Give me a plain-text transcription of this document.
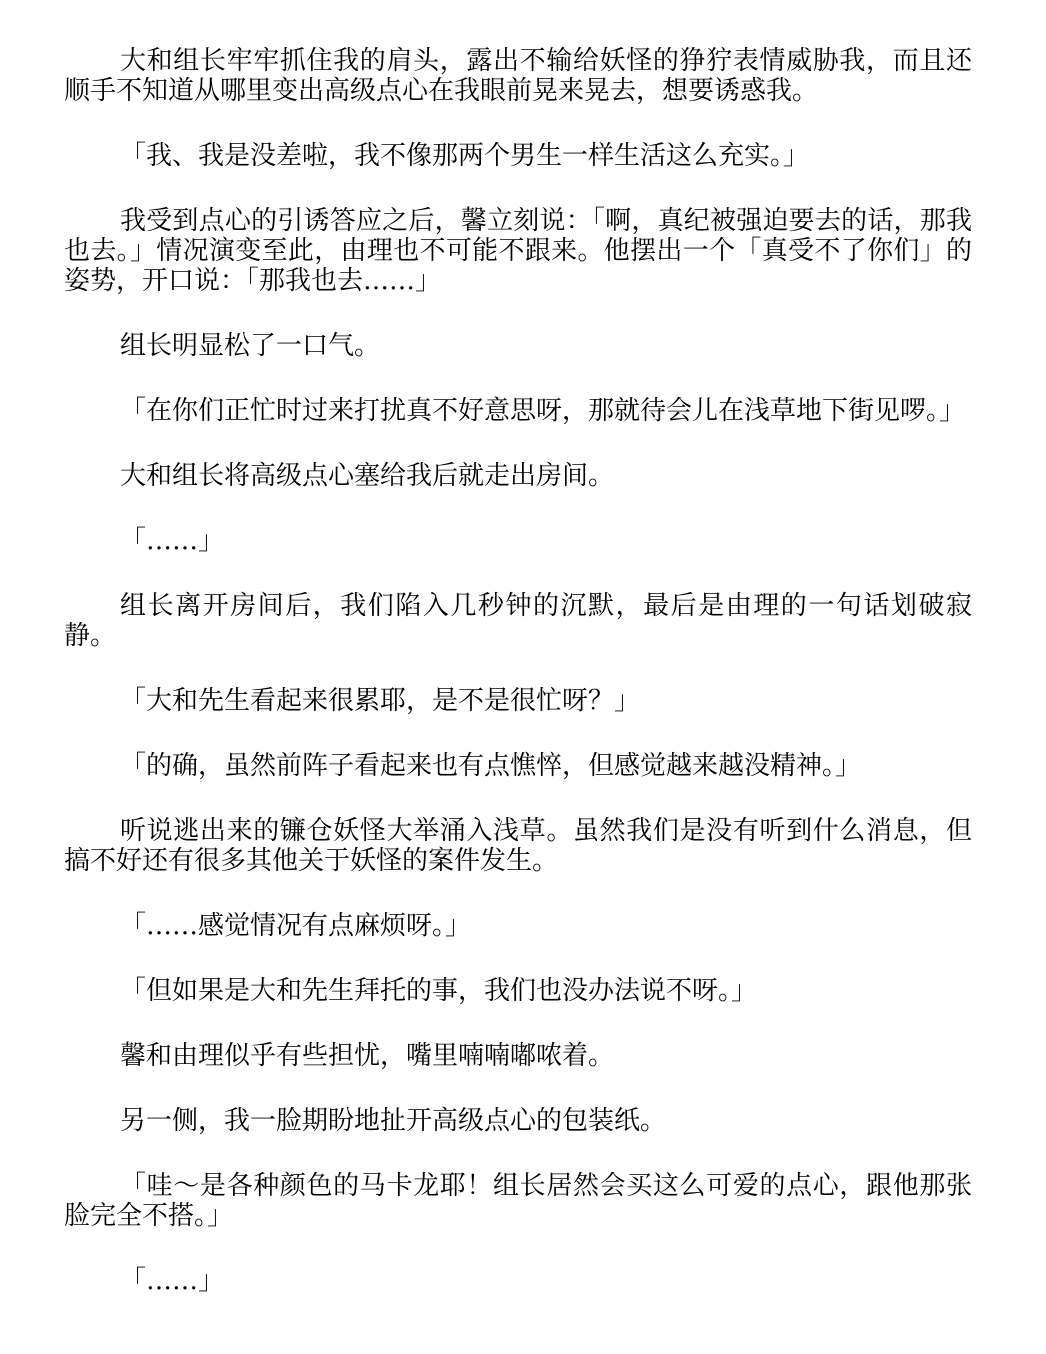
大和组长牢牢抓住我的肩头，露出不输给妖怪的狰狞表情威胁我，而且还顺手不知道从哪里变出高级点心在我眼前晃来晃去，想要诱惑我。

「我、我是没差啦，我不像那两个男生一样生活这么充实。」

我受到点心的引诱答应之后，馨立刻说：「啊，真纪被强迫要去的话，那我也去。」情况演变至此，由理也不可能不跟来。他摆出一个「真受不了你们」的姿势，开口说：「那我也去……」

组长明显松了一口气。

「在你们正忙时过来打扰真不好意思呀，那就待会儿在浅草地下街见啰。」

大和组长将高级点心塞给我后就走出房间。

「……」

组长离开房间后，我们陷入几秒钟的沉默，最后是由理的一句话划破寂静。

「大和先生看起来很累耶，是不是很忙呀？」

「的确，虽然前阵子看起来也有点憔悴，但感觉越来越没精神。」

听说逃出来的镰仓妖怪大举涌入浅草。虽然我们是没有听到什么消息，但搞不好还有很多其他关于妖怪的案件发生。

「……感觉情况有点麻烦呀。」

「但如果是大和先生拜托的事，我们也没办法说不呀。」

馨和由理似乎有些担忧，嘴里喃喃嘟哝着。

另一侧，我一脸期盼地扯开高级点心的包装纸。

「哇～是各种颜色的马卡龙耶！组长居然会买这么可爱的点心，跟他那张脸完全不搭。」

「……」
